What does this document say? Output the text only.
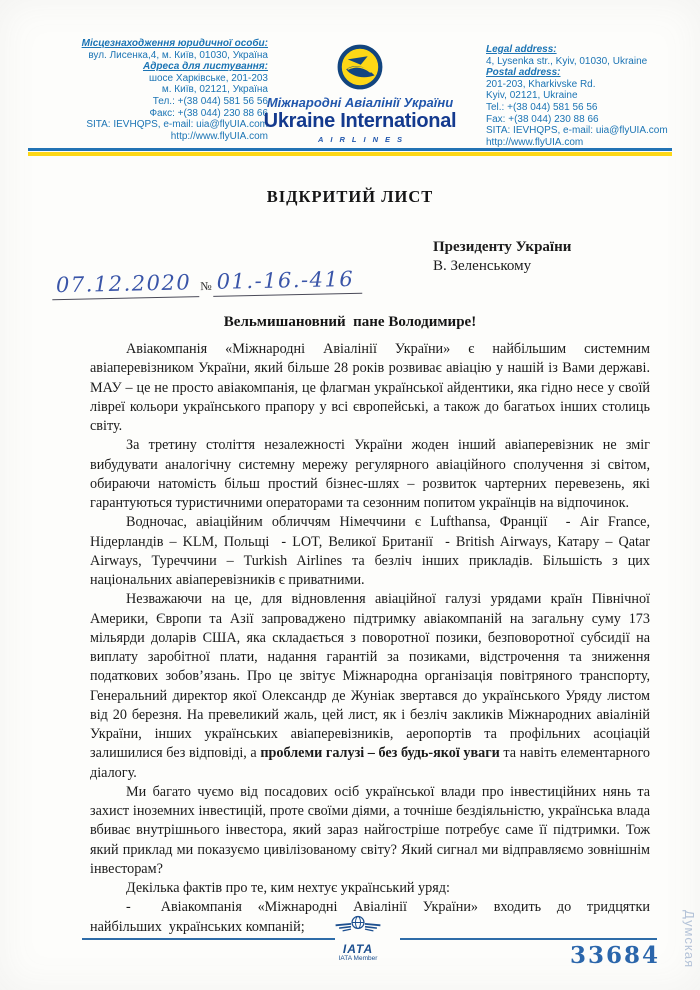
Місцезнаходження юридичної особи:
вул. Лисенка,4, м. Київ, 01030, Україна
Адреса для листування:
шосе Харківське, 201-203
м. Київ, 02121, Україна
Тел.: +(38 044) 581 56 56
Факс: +(38 044) 230 88 66
SITA: IEVHQPS, e-mail: uia@flyUIA.com
http://www.flyUIA.com
Legal address:
4, Lysenka str., Kyiv, 01030, Ukraine
Postal address:
201-203, Kharkivske Rd.
Kyiv, 02121, Ukraine
Tel.: +(38 044) 581 56 56
Fax: +(38 044) 230 88 66
SITA: IEVHQPS, e-mail: uia@flyUIA.com
http://www.flyUIA.com
Міжнародні Авіалінії України
Ukraine International
AIRLINES
ВІДКРИТИЙ ЛИСТ
Президенту України
В. Зеленському
07.12.2020 № 01.-16.-416
Вельмишановний  пане Володимире!

Авіакомпанія «Міжнародні Авіалінії України» є найбільшим системним авіаперевізником України, який більше 28 років розвиває авіацію у нашій із Вами державі. МАУ – це не просто авіакомпанія, це флагман української айдентики, яка гідно несе у своїй лівреї кольори українського прапору у всі європейські, а також до багатьох інших столиць світу.

За третину століття незалежності України жоден інший авіаперевізник не зміг вибудувати аналогічну системну мережу регулярного авіаційного сполучення зі світом, обираючи натомість більш простий бізнес-шлях – розвиток чартерних перевезень, які гарантуються туристичними операторами та сезонним попитом українців на відпочинок.

Водночас, авіаційним обличчям Німеччини є Lufthansa, Франції  - Air France, Нідерландів – KLM, Польщі  - LOT, Великої Британії  - British Airways, Катару – Qatar Airways, Туреччини – Turkish Airlines та безліч інших прикладів. Більшість з цих національних авіаперевізників є приватними.

Незважаючи на це, для відновлення авіаційної галузі урядами країн Північної Америки, Європи та Азії запроваджено підтримку авіакомпаній на загальну суму 173 мільярди доларів США, яка складається з поворотної позики, безповоротної субсидії на виплату заробітної плати, надання гарантій за позиками, відстрочення та зниження податкових зобов’язань. Про це звітує Міжнародна організація повітряного транспорту, Генеральний директор якої Олександр де Жуніак звертався до українського Уряду листом від 20 березня. На превеликий жаль, цей лист, як і безліч закликів Міжнародних авіаліній України, інших українських авіаперевізників, аеропортів та профільних асоціацій залишилися без відповіді, а проблеми галузі – без будь-якої уваги та навіть елементарного діалогу.

Ми багато чуємо від посадових осіб української влади про інвестиційних нянь та захист іноземних інвестицій, проте своїми діями, а точніше бездіяльністю, українська влада вбиває внутрішнього інвестора, який зараз найгостріше потребує саме її підтримки. Тож який приклад ми показуємо цивілізованому світу? Який сигнал ми відправляємо зовнішнім інвесторам?

Декілька фактів про те, ким нехтує український уряд:

- Авіакомпанія «Міжнародні Авіалінії України» входить до тридцятки найбільших  українських компаній;

IATA
IATA Member	33684 Думская
